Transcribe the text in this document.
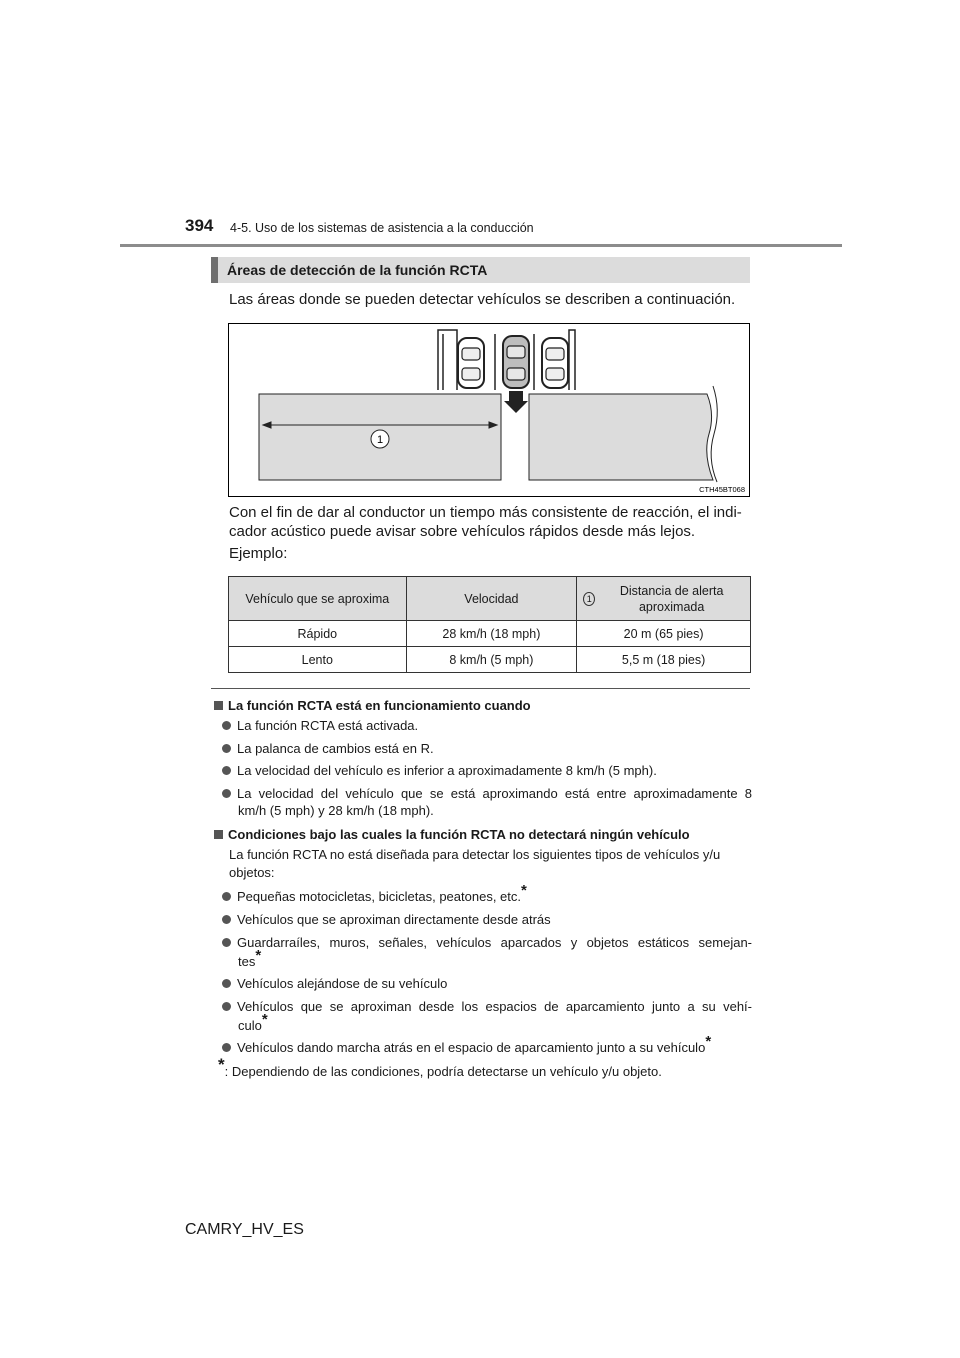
394 4-5. Uso de los sistemas de asistencia a la conducción
Áreas de detección de la función RCTA
Las áreas donde se pueden detectar vehículos se describen a continuación.
1
CTH45BT068
Con el fin de dar al conductor un tiempo más consistente de reacción, el indi-
cador acústico puede avisar sobre vehículos rápidos desde más lejos.
Ejemplo:
Vehículo que se aproxima	Velocidad	1
Distancia de alerta aproximada

Rápido	28 km/h (18 mph)	20 m (65 pies)
Lento	8 km/h (5 mph)	5,5 m (18 pies)
La función RCTA está en funcionamiento cuando
La función RCTA está activada.
La palanca de cambios está en R.
La velocidad del vehículo es inferior a aproximadamente 8 km/h (5 mph).
La velocidad del vehículo que se está aproximando está entre aproximadamente 8
km/h (5 mph) y 28 km/h (18 mph).
Condiciones bajo las cuales la función RCTA no detectará ningún vehículo
La función RCTA no está diseñada para detectar los siguientes tipos de vehículos y/u
objetos:
Pequeñas motocicletas, bicicletas, peatones, etc.*
Vehículos que se aproximan directamente desde atrás
Guardarraíles, muros, señales, vehículos aparcados y objetos estáticos semejan-
tes*
Vehículos alejándose de su vehículo
Vehículos que se aproximan desde los espacios de aparcamiento junto a su vehí-
culo*
Vehículos dando marcha atrás en el espacio de aparcamiento junto a su vehículo*
*: Dependiendo de las condiciones, podría detectarse un vehículo y/u objeto.
CAMRY_HV_ES
